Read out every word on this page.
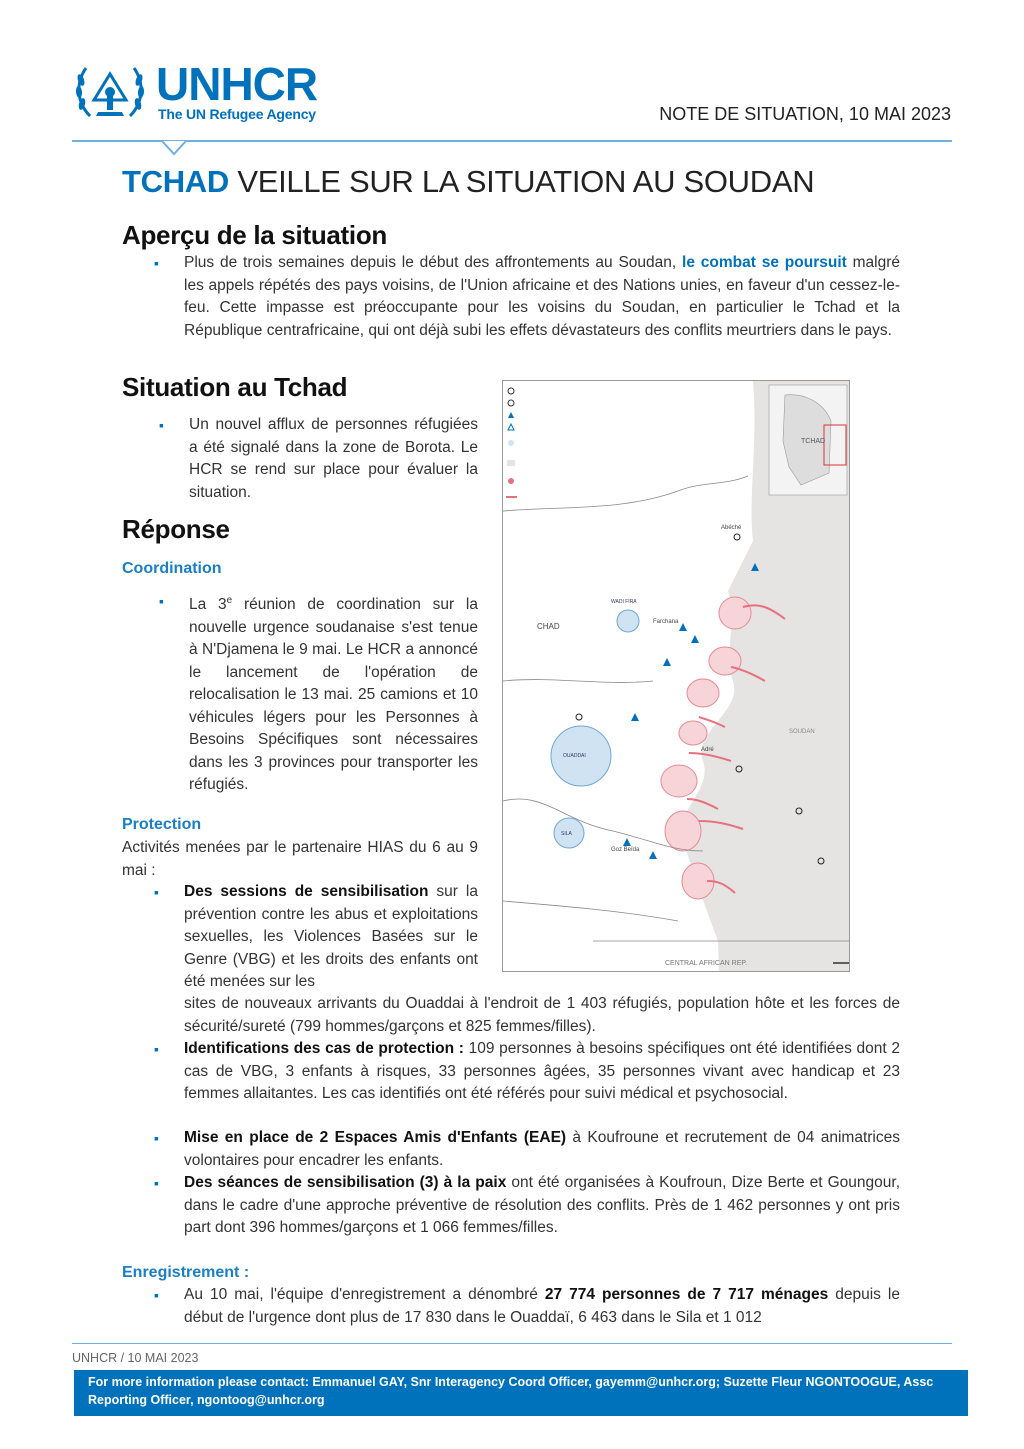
UNHCR
The UN Refugee Agency	NOTE DE SITUATION, 10 MAI 2023
TCHAD VEILLE SUR LA SITUATION AU SOUDAN
Aperçu de la situation
▪ Plus de trois semaines depuis le début des affrontements au Soudan, le combat se poursuit malgré les appels répétés des pays voisins, de l'Union africaine et des Nations unies, en faveur d'un cessez-le-feu. Cette impasse est préoccupante pour les voisins du Soudan, en particulier le Tchad et la République centrafricaine, qui ont déjà subi les effets dévastateurs des conflits meurtriers dans le pays.
Situation au Tchad
▪ Un nouvel afflux de personnes réfugiées a été signalé dans la zone de Borota. Le HCR se rend sur place pour évaluer la situation.
Réponse
Coordination
▪ La 3e réunion de coordination sur la nouvelle urgence soudanaise s'est tenue à N'Djamena le 9 mai. Le HCR a annoncé le lancement de l'opération de relocalisation le 13 mai. 25 camions et 10 véhicules légers pour les Personnes à Besoins Spécifiques sont nécessaires dans les 3 provinces pour transporter les réfugiés.
Protection
Activités menées par le partenaire HIAS du 6 au 9 mai :
▪ Des sessions de sensibilisation sur la prévention contre les abus et exploitations sexuelles, les Violences Basées sur le Genre (VBG) et les droits des enfants ont été menées sur les
sites de nouveaux arrivants du Ouaddai à l'endroit de 1 403 réfugiés, population hôte et les forces de sécurité/sureté (799 hommes/garçons et 825 femmes/filles).
▪ Identifications des cas de protection : 109 personnes à besoins spécifiques ont été identifiées dont 2 cas de VBG, 3 enfants à risques, 33 personnes âgées, 35 personnes vivant avec handicap et 23 femmes allaitantes. Les cas identifiés ont été référés pour suivi médical et psychosocial.
▪ Mise en place de 2 Espaces Amis d'Enfants (EAE) à Koufroune et recrutement de 04 animatrices volontaires pour encadrer les enfants.
▪ Des séances de sensibilisation (3) à la paix ont été organisées à Koufroun, Dize Berte et Goungour, dans le cadre d'une approche préventive de résolution des conflits. Près de 1 462 personnes y ont pris part dont 396 hommes/garçons et 1 066 femmes/filles.
Enregistrement :
▪ Au 10 mai, l'équipe d'enregistrement a dénombré 27 774 personnes de 7 717 ménages depuis le début de l'urgence dont plus de 17 830 dans le Ouaddaï, 6 463 dans le Sila et 1 012
TCHAD
CHAD
SOUDAN
CENTRAL AFRICAN REP.
Abéché
Goz Beïda
Farchana
Adré
OUADDAI
SILA
WADI FIRA
UNHCR / 10 MAI 2023
For more information please contact: Emmanuel GAY, Snr Interagency Coord Officer, gayemm@unhcr.org; Suzette Fleur NGONTOOGUE, Assc Reporting Officer, ngontoog@unhcr.org
